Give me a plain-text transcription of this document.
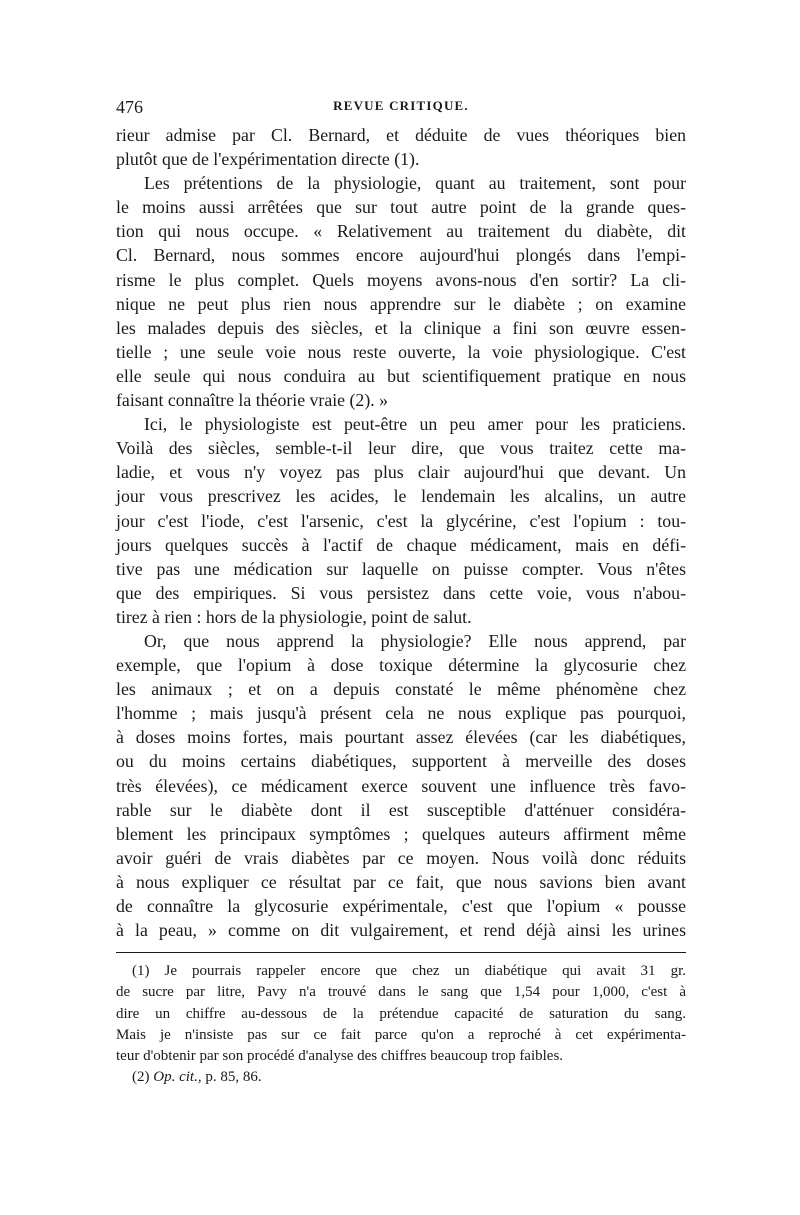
476	REVUE CRITIQUE.

rieur admise par Cl. Bernard, et déduite de vues théoriques bien
plutôt que de l'expérimentation directe (1).

Les prétentions de la physiologie, quant au traitement, sont pour
le moins aussi arrêtées que sur tout autre point de la grande ques-
tion qui nous occupe. « Relativement au traitement du diabète, dit
Cl. Bernard, nous sommes encore aujourd'hui plongés dans l'empi-
risme le plus complet. Quels moyens avons-nous d'en sortir? La cli-
nique ne peut plus rien nous apprendre sur le diabète ; on examine
les malades depuis des siècles, et la clinique a fini son œuvre essen-
tielle ; une seule voie nous reste ouverte, la voie physiologique. C'est
elle seule qui nous conduira au but scientifiquement pratique en nous
faisant connaître la théorie vraie (2). »

Ici, le physiologiste est peut-être un peu amer pour les praticiens.
Voilà des siècles, semble-t-il leur dire, que vous traitez cette ma-
ladie, et vous n'y voyez pas plus clair aujourd'hui que devant. Un
jour vous prescrivez les acides, le lendemain les alcalins, un autre
jour c'est l'iode, c'est l'arsenic, c'est la glycérine, c'est l'opium : tou-
jours quelques succès à l'actif de chaque médicament, mais en défi-
tive pas une médication sur laquelle on puisse compter. Vous n'êtes
que des empiriques. Si vous persistez dans cette voie, vous n'abou-
tirez à rien : hors de la physiologie, point de salut.

Or, que nous apprend la physiologie? Elle nous apprend, par
exemple, que l'opium à dose toxique détermine la glycosurie chez
les animaux ; et on a depuis constaté le même phénomène chez
l'homme ; mais jusqu'à présent cela ne nous explique pas pourquoi,
à doses moins fortes, mais pourtant assez élevées (car les diabétiques,
ou du moins certains diabétiques, supportent à merveille des doses
très élevées), ce médicament exerce souvent une influence très favo-
rable sur le diabète dont il est susceptible d'atténuer considéra-
blement les principaux symptômes ; quelques auteurs affirment même
avoir guéri de vrais diabètes par ce moyen. Nous voilà donc réduits
à nous expliquer ce résultat par ce fait, que nous savions bien avant
de connaître la glycosurie expérimentale, c'est que l'opium « pousse
à la peau, » comme on dit vulgairement, et rend déjà ainsi les urines

(1) Je pourrais rappeler encore que chez un diabétique qui avait 31 gr.
de sucre par litre, Pavy n'a trouvé dans le sang que 1,54 pour 1,000, c'est à
dire un chiffre au-dessous de la prétendue capacité de saturation du sang.
Mais je n'insiste pas sur ce fait parce qu'on a reproché à cet expérimenta-
teur d'obtenir par son procédé d'analyse des chiffres beaucoup trop faibles.

(2) Op. cit., p. 85, 86.
